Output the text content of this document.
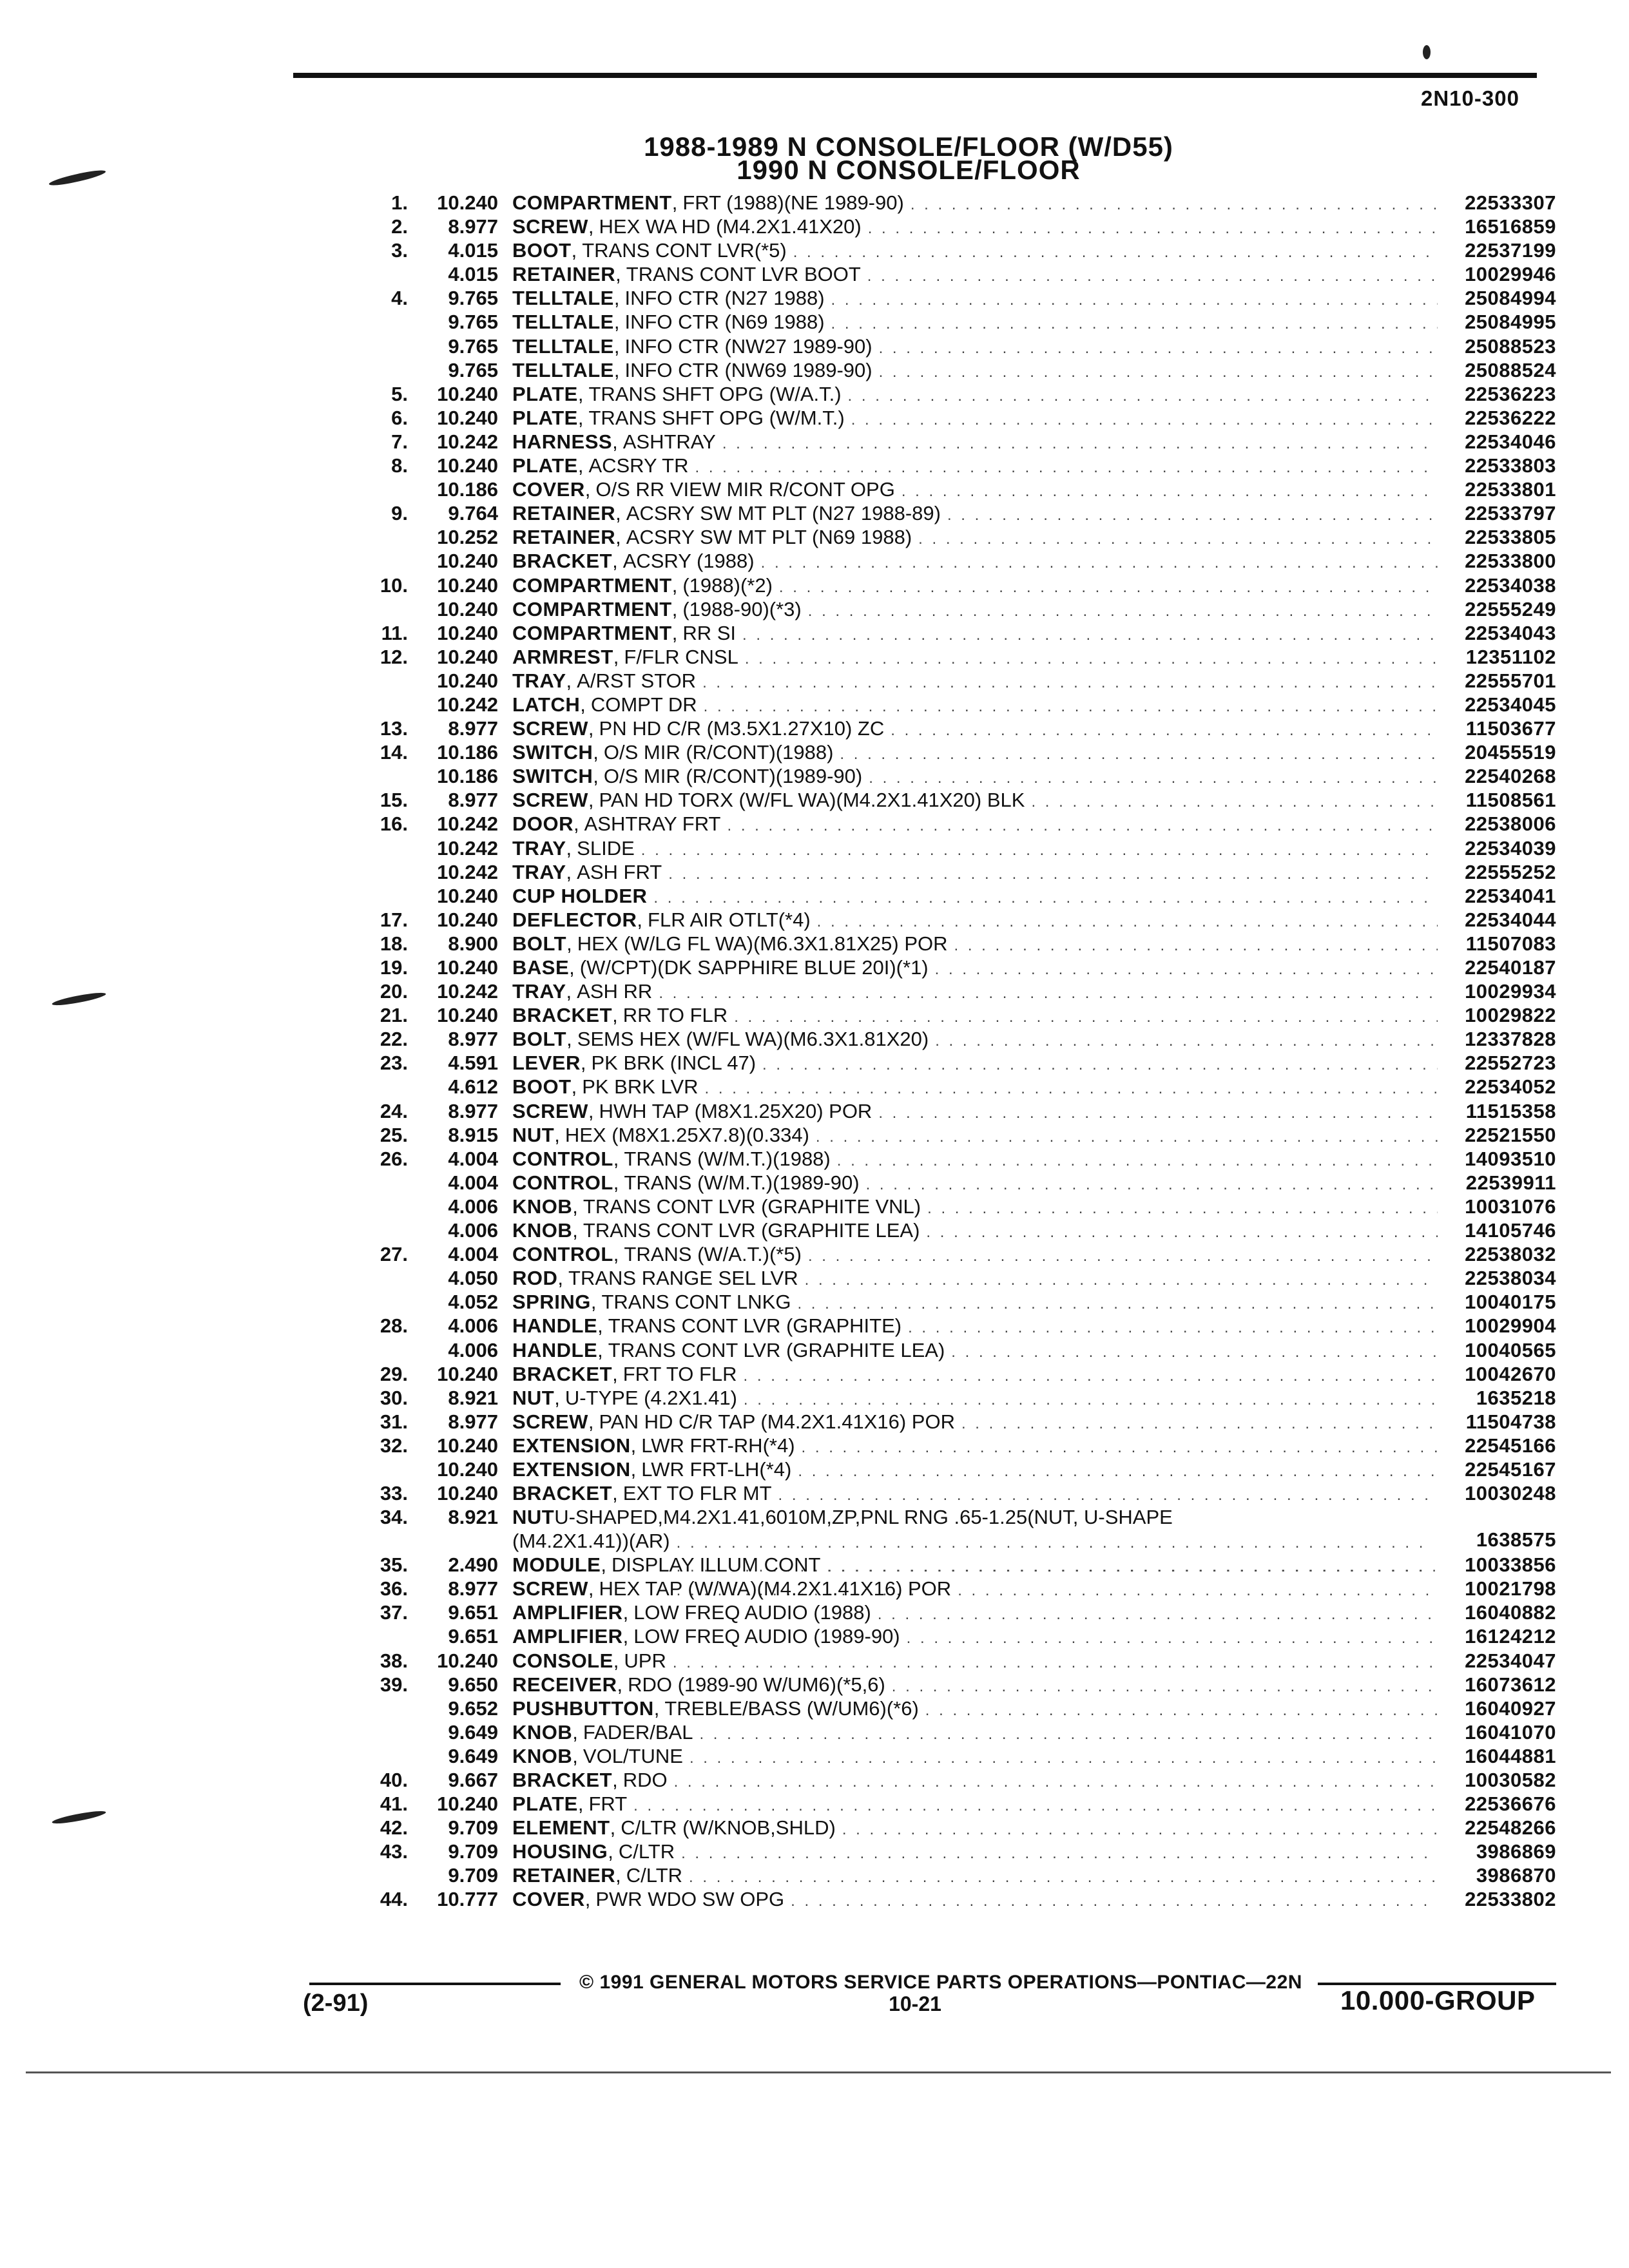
2N10-300
1988-1989 N CONSOLE/FLOOR (W/D55)
1990 N CONSOLE/FLOOR
1.	10.240 COMPARTMENT , FRT (1988)(NE 1989-90) . . .	22533307
2.	8.977 SCREW , HEX WA HD (M4.2X1.41X20) . . .	16516859
3.	4.015 BOOT , TRANS CONT LVR(*5) . . .	22537199
4.015 RETAINER , TRANS CONT LVR BOOT . . .	10029946
4.	9.765 TELLTALE , INFO CTR (N27 1988) . . .	25084994
9.765 TELLTALE , INFO CTR (N69 1988) . . .	25084995
9.765 TELLTALE , INFO CTR (NW27 1989-90) . . .	25088523
9.765 TELLTALE , INFO CTR (NW69 1989-90) . . .	25088524
5.	10.240 PLATE , TRANS SHFT OPG (W/A.T.) . . .	22536223
6.	10.240 PLATE , TRANS SHFT OPG (W/M.T.) . . .	22536222
7.	10.242 HARNESS , ASHTRAY . . .	22534046
8.	10.240 PLATE , ACSRY TR . . .	22533803
10.186 COVER , O/S RR VIEW MIR R/CONT OPG . . .	22533801
9.	9.764 RETAINER , ACSRY SW MT PLT (N27 1988-89) . . .	22533797
10.252 RETAINER , ACSRY SW MT PLT (N69 1988) . . .	22533805
10.240 BRACKET , ACSRY (1988) . . .	22533800
10.	10.240 COMPARTMENT , (1988)(*2) . . .	22534038
10.240 COMPARTMENT , (1988-90)(*3) . . .	22555249
11.	10.240 COMPARTMENT , RR SI . . .	22534043
12.	10.240 ARMREST , F/FLR CNSL . . .	12351102
10.240 TRAY , A/RST STOR . . .	22555701
10.242 LATCH , COMPT DR . . .	22534045
13.	8.977 SCREW , PN HD C/R (M3.5X1.27X10) ZC . . .	11503677
14.	10.186 SWITCH , O/S MIR (R/CONT)(1988) . . .	20455519
10.186 SWITCH , O/S MIR (R/CONT)(1989-90) . . .	22540268
15.	8.977 SCREW , PAN HD TORX (W/FL WA)(M4.2X1.41X20) BLK . . .	11508561
16.	10.242 DOOR , ASHTRAY FRT . . .	22538006
10.242 TRAY , SLIDE . . .	22534039
10.242 TRAY , ASH FRT . . .	22555252
10.240 CUP HOLDER . . .	22534041
17.	10.240 DEFLECTOR , FLR AIR OTLT(*4) . . .	22534044
18.	8.900 BOLT , HEX (W/LG FL WA)(M6.3X1.81X25) POR . . .	11507083
19.	10.240 BASE , (W/CPT)(DK SAPPHIRE BLUE 20I)(*1) . . .	22540187
20.	10.242 TRAY , ASH RR . . .	10029934
21.	10.240 BRACKET , RR TO FLR . . .	10029822
22.	8.977 BOLT , SEMS HEX (W/FL WA)(M6.3X1.81X20) . . .	12337828
23.	4.591 LEVER , PK BRK (INCL 47) . . .	22552723
4.612 BOOT , PK BRK LVR . . .	22534052
24.	8.977 SCREW , HWH TAP (M8X1.25X20) POR . . .	11515358
25.	8.915 NUT , HEX (M8X1.25X7.8)(0.334) . . .	22521550
26.	4.004 CONTROL , TRANS (W/M.T.)(1988) . . .	14093510
4.004 CONTROL , TRANS (W/M.T.)(1989-90) . . .	22539911
4.006 KNOB , TRANS CONT LVR (GRAPHITE VNL) . . .	10031076
4.006 KNOB , TRANS CONT LVR (GRAPHITE LEA) . . .	14105746
27.	4.004 CONTROL , TRANS (W/A.T.)(*5) . . .	22538032
4.050 ROD , TRANS RANGE SEL LVR . . .	22538034
4.052 SPRING , TRANS CONT LNKG . . .	10040175
28.	4.006 HANDLE , TRANS CONT LVR (GRAPHITE) . . .	10029904
4.006 HANDLE , TRANS CONT LVR (GRAPHITE LEA) . . .	10040565
29.	10.240 BRACKET , FRT TO FLR . . .	10042670
30.	8.921 NUT , U-TYPE (4.2X1.41) . . .	1635218
31.	8.977 SCREW , PAN HD C/R TAP (M4.2X1.41X16) POR . . .	11504738
32.	10.240 EXTENSION , LWR FRT-RH(*4) . . .	22545166
10.240 EXTENSION , LWR FRT-LH(*4) . . .	22545167
33.	10.240 BRACKET , EXT TO FLR MT . . .	10030248
34.	8.921 NUTU-SHAPED,M4.2X1.41,6010M,ZP,PNL RNG .65-1.25(NUT, U-SHAPE
(M4.2X1.41))(AR) . . .	1638575
35.	2.490 MODULE , DISPLAY ILLUM CONT . . .	10033856
36.	8.977 SCREW , HEX TAP (W/WA)(M4.2X1.41X16) POR . . .	10021798
37.	9.651 AMPLIFIER , LOW FREQ AUDIO (1988) . . .	16040882
9.651 AMPLIFIER , LOW FREQ AUDIO (1989-90) . . .	16124212
38.	10.240 CONSOLE , UPR . . .	22534047
39.	9.650 RECEIVER , RDO (1989-90 W/UM6)(*5,6) . . .	16073612
9.652 PUSHBUTTON , TREBLE/BASS (W/UM6)(*6) . . .	16040927
9.649 KNOB , FADER/BAL . . .	16041070
9.649 KNOB , VOL/TUNE . . .	16044881
40.	9.667 BRACKET , RDO . . .	10030582
41.	10.240 PLATE , FRT . . .	22536676
42.	9.709 ELEMENT , C/LTR (W/KNOB,SHLD) . . .	22548266
43.	9.709 HOUSING , C/LTR . . .	3986869
9.709 RETAINER , C/LTR . . .	3986870
44.	10.777 COVER , PWR WDO SW OPG . . .	22533802
© 1991 GENERAL MOTORS SERVICE PARTS OPERATIONS—PONTIAC—22N
(2-91)	10-21	10.000-GROUP
